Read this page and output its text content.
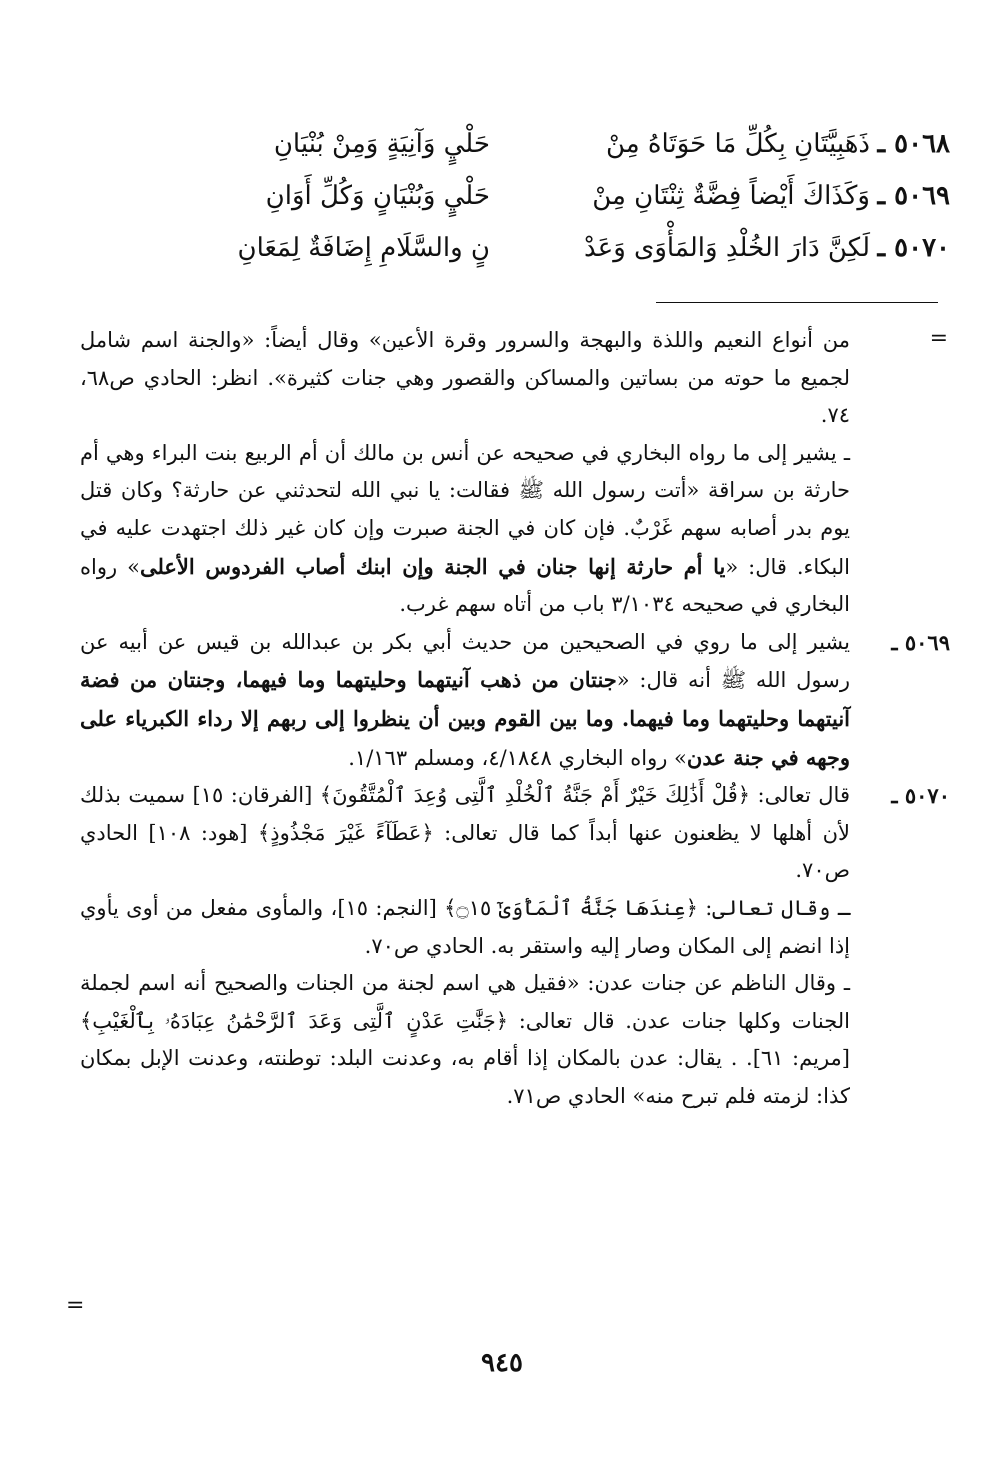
٥٠٦٨ ـ
ذَهَبِيَّتَانِ بِكُلِّ مَا حَوَتَاهُ مِنْ
حَلْيٍ وَآنِيَةٍ وَمِنْ بُنْيَانِ
٥٠٦٩ ـ
وَكَذَاكَ أَيْضاً فِضَّةٌ ثِنْتَانِ مِنْ
حَلْيٍ وَبُنْيَانٍ وَكُلِّ أَوَانِ
٥٠٧٠ ـ
لَكِنَّ دَارَ الخُلْدِ وَالمَأْوَى وَعَدْ
نٍ والسَّلَامِ إِضَافَةٌ لِمَعَانِ
=

من أنواع النعيم واللذة والبهجة والسرور وقرة الأعين» وقال أيضاً: «والجنة اسم شامل لجميع ما حوته من بساتين والمساكن والقصور وهي جنات كثيرة». انظر: الحادي ص٦٨، ٧٤.

ـ يشير إلى ما رواه البخاري في صحيحه عن أنس بن مالك أن أم الربيع بنت البراء وهي أم حارثة بن سراقة «أتت رسول الله ﷺ فقالت: يا نبي الله لتحدثني عن حارثة؟ وكان قتل يوم بدر أصابه سهم غَرْبٌ. فإن كان في الجنة صبرت وإن كان غير ذلك اجتهدت عليه في البكاء. قال: «يا أم حارثة إنها جنان في الجنة وإن ابنك أصاب الفردوس الأعلى» رواه البخاري في صحيحه ٣/١٠٣٤ باب من أتاه سهم غرب.

٥٠٦٩ ـ

يشير إلى ما روي في الصحيحين من حديث أبي بكر بن عبدالله بن قيس عن أبيه عن رسول الله ﷺ أنه قال: «جنتان من ذهب آنيتهما وحليتهما وما فيهما، وجنتان من فضة آنيتهما وحليتهما وما فيهما. وما بين القوم وبين أن ينظروا إلى ربهم إلا رداء الكبرياء على وجهه في جنة عدن» رواه البخاري ٤/١٨٤٨، ومسلم ١/١٦٣.

٥٠٧٠ ـ

قال تعالى: ﴿قُلْ أَذَٰلِكَ خَيْرٌ أَمْ جَنَّةُ ٱلْخُلْدِ ٱلَّتِى وُعِدَ ٱلْمُتَّقُونَ﴾ [الفرقان: ١٥] سميت بذلك لأن أهلها لا يظعنون عنها أبداً كما قال تعالى: ﴿عَطَآءً غَيْرَ مَجْذُوذٍ﴾ [هود: ١٠٨] الحادي ص٧٠.

ـ وقال تعالى: ﴿عِندَهَا جَنَّةُ ٱلْمَأْوَىٰٓ ۝١٥﴾ [النجم: ١٥]، والمأوى مفعل من أوى يأوي إذا انضم إلى المكان وصار إليه واستقر به. الحادي ص٧٠.

ـ وقال الناظم عن جنات عدن: «فقيل هي اسم لجنة من الجنات والصحيح أنه اسم لجملة الجنات وكلها جنات عدن. قال تعالى: ﴿جَنَّٰتِ عَدْنٍ ٱلَّتِى وَعَدَ ٱلرَّحْمَٰنُ عِبَادَهُۥ بِٱلْغَيْبِ﴾ [مريم: ٦١]. . يقال: عدن بالمكان إذا أقام به، وعدنت البلد: توطنته، وعدنت الإبل بمكان كذا: لزمته فلم تبرح منه» الحادي ص٧١.

=
٩٤٥
